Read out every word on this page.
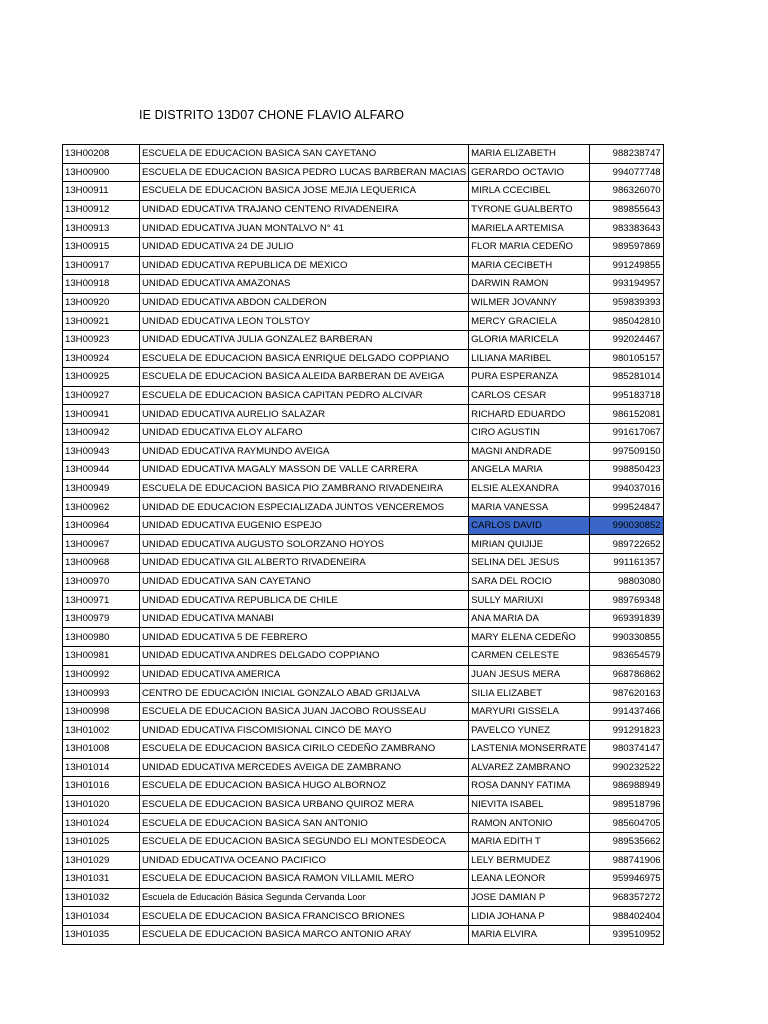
IE DISTRITO 13D07 CHONE FLAVIO ALFARO
13H00208	ESCUELA DE EDUCACION BASICA SAN CAYETANO	MARIA ELIZABETH	988238747
13H00900	ESCUELA DE EDUCACION BASICA PEDRO LUCAS BARBERAN MACIAS	GERARDO OCTAVIO	994077748
13H00911	ESCUELA DE EDUCACION BASICA JOSE MEJIA LEQUERICA	MIRLA CCECIBEL	986326070
13H00912	UNIDAD EDUCATIVA TRAJANO CENTENO RIVADENEIRA	TYRONE GUALBERTO	989855643
13H00913	UNIDAD EDUCATIVA JUAN MONTALVO N° 41	MARIELA ARTEMISA	983383643
13H00915	UNIDAD EDUCATIVA 24 DE JULIO	FLOR MARIA CEDEÑO	989597869
13H00917	UNIDAD EDUCATIVA REPUBLICA DE MEXICO	MARIA CECIBETH	991249855
13H00918	UNIDAD EDUCATIVA AMAZONAS	DARWIN RAMON	993194957
13H00920	UNIDAD EDUCATIVA ABDON CALDERON	WILMER JOVANNY	959839393
13H00921	UNIDAD EDUCATIVA LEON TOLSTOY	MERCY GRACIELA	985042810
13H00923	UNIDAD EDUCATIVA JULIA GONZALEZ BARBERAN	GLORIA MARICELA	992024467
13H00924	ESCUELA DE EDUCACION BASICA ENRIQUE DELGADO COPPIANO	LILIANA MARIBEL	980105157
13H00925	ESCUELA DE EDUCACION BASICA ALEIDA BARBERAN DE AVEIGA	PURA ESPERANZA	985281014
13H00927	ESCUELA DE EDUCACION BASICA CAPITAN PEDRO ALCIVAR	CARLOS CESAR	995183718
13H00941	UNIDAD EDUCATIVA AURELIO SALAZAR	RICHARD EDUARDO	986152081
13H00942	UNIDAD EDUCATIVA ELOY ALFARO	CIRO AGUSTIN	991617067
13H00943	UNIDAD EDUCATIVA RAYMUNDO AVEIGA	MAGNI ANDRADE	997509150
13H00944	UNIDAD EDUCATIVA MAGALY MASSON DE VALLE CARRERA	ANGELA MARIA	998850423
13H00949	ESCUELA DE EDUCACION BASICA PIO ZAMBRANO RIVADENEIRA	ELSIE ALEXANDRA	994037016
13H00962	UNIDAD DE EDUCACION ESPECIALIZADA JUNTOS VENCEREMOS	MARIA VANESSA	999524847
13H00964	UNIDAD EDUCATIVA EUGENIO ESPEJO	CARLOS DAVID	990030852
13H00967	UNIDAD EDUCATIVA AUGUSTO SOLORZANO HOYOS	MIRIAN QUIJIJE	989722652
13H00968	UNIDAD EDUCATIVA GIL ALBERTO RIVADENEIRA	SELINA DEL JESUS	991161357
13H00970	UNIDAD EDUCATIVA SAN CAYETANO	SARA DEL ROCIO	98803080
13H00971	UNIDAD EDUCATIVA REPUBLICA DE CHILE	SULLY MARIUXI	989769348
13H00979	UNIDAD EDUCATIVA MANABI	ANA MARIA DA	969391839
13H00980	UNIDAD EDUCATIVA 5 DE FEBRERO	MARY ELENA CEDEÑO	990330855
13H00981	UNIDAD EDUCATIVA ANDRES DELGADO COPPIANO	CARMEN CELESTE	983654579
13H00992	UNIDAD EDUCATIVA AMERICA	JUAN JESUS MERA	968786862
13H00993	CENTRO DE EDUCACIÓN INICIAL GONZALO ABAD GRIJALVA	SILIA ELIZABET	987620163
13H00998	ESCUELA DE EDUCACION BASICA JUAN JACOBO ROUSSEAU	MARYURI GISSELA	991437466
13H01002	UNIDAD EDUCATIVA FISCOMISIONAL CINCO DE MAYO	PAVELCO YUNEZ	991291823
13H01008	ESCUELA DE EDUCACION BASICA CIRILO CEDEÑO ZAMBRANO	LASTENIA MONSERRATE	980374147
13H01014	UNIDAD EDUCATIVA MERCEDES AVEIGA DE ZAMBRANO	ALVAREZ ZAMBRANO	990232522
13H01016	ESCUELA DE EDUCACION BASICA HUGO ALBORNOZ	ROSA DANNY FATIMA	986988949
13H01020	ESCUELA DE EDUCACION BASICA URBANO QUIROZ MERA	NIEVITA ISABEL	989518796
13H01024	ESCUELA DE EDUCACION BASICA SAN ANTONIO	RAMON ANTONIO	985604705
13H01025	ESCUELA DE EDUCACION BASICA SEGUNDO ELI MONTESDEOCA	MARIA EDITH T	989535662
13H01029	UNIDAD EDUCATIVA OCEANO PACIFICO	LELY BERMUDEZ	988741906
13H01031	ESCUELA DE EDUCACION BASICA RAMON VILLAMIL MERO	LEANA LEONOR	959946975
13H01032	Escuela de Educación Básica Segunda Cervanda Loor	JOSE DAMIAN P	968357272
13H01034	ESCUELA DE EDUCACION BASICA FRANCISCO BRIONES	LIDIA JOHANA P	988402404
13H01035	ESCUELA DE EDUCACION BASICA MARCO ANTONIO ARAY	MARIA ELVIRA	939510952
